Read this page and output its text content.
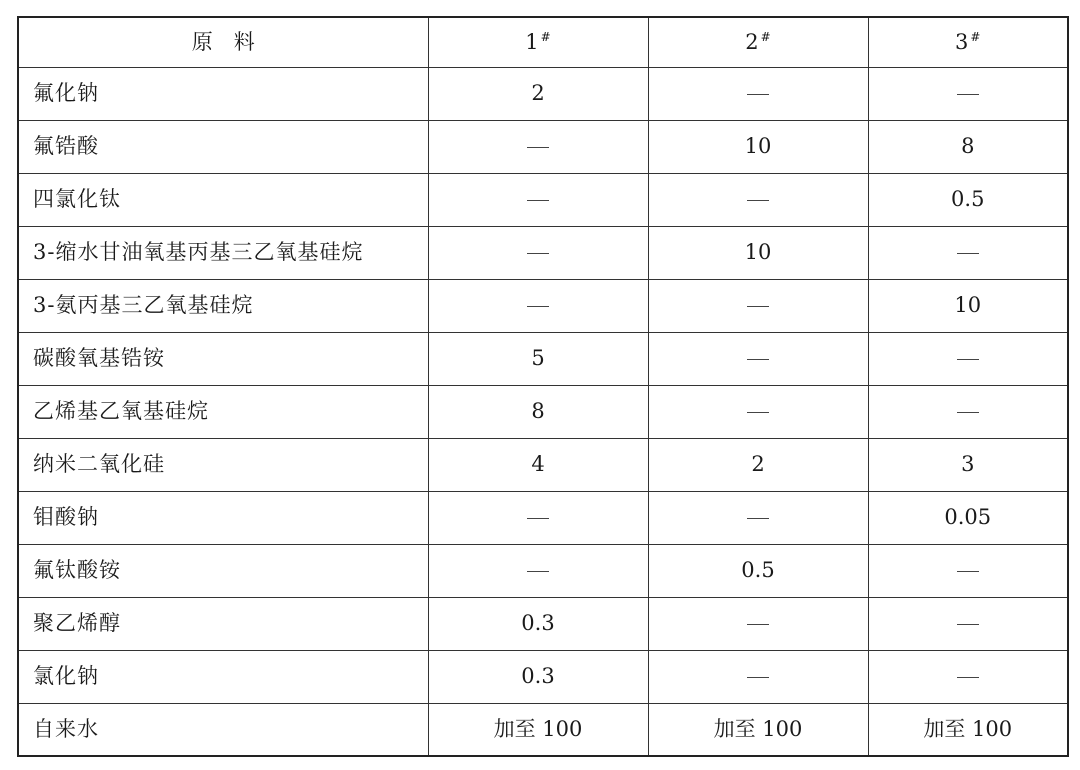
原　料	1 #	2 #	3 #
氟化钠	2		
氟锆酸		10	8
四氯化钛			0.5
3-缩水甘油氧基丙基三乙氧基硅烷		10	
3-氨丙基三乙氧基硅烷			10
碳酸氧基锆铵	5		
乙烯基乙氧基硅烷	8		
纳米二氧化硅	4	2	3
钼酸钠			0.05
氟钛酸铵		0.5	
聚乙烯醇	0.3		
氯化钠	0.3		
自来水	加至 100	加至 100	加至 100
